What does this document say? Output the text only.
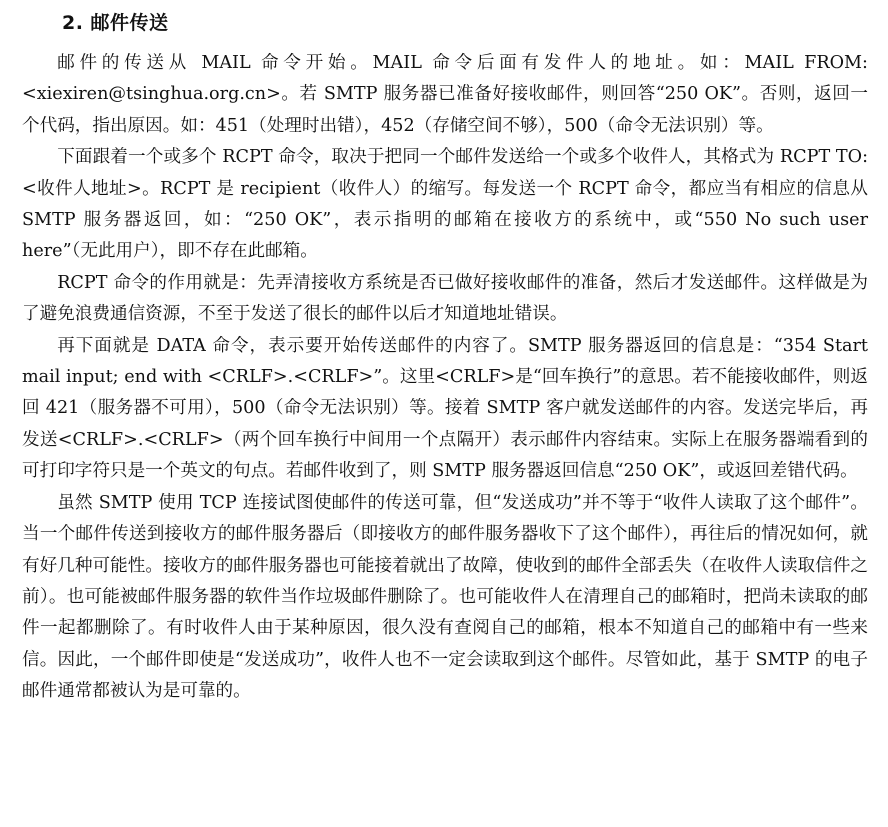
2. 邮件传送

邮件的传送从 MAIL 命令开始。MAIL 命令后面有发件人的地址。如：MAIL FROM: <xiexiren@tsinghua.org.cn>。若 SMTP 服务器已准备好接收邮件，则回答“250 OK”。否则，返回一个代码，指出原因。如：451（处理时出错），452（存储空间不够），500（命令无法识别）等。

下面跟着一个或多个 RCPT 命令，取决于把同一个邮件发送给一个或多个收件人，其格式为 RCPT TO: <收件人地址>。RCPT 是 recipient（收件人）的缩写。每发送一个 RCPT 命令，都应当有相应的信息从 SMTP 服务器返回，如：“250 OK”，表示指明的邮箱在接收方的系统中，或“550 No such user here”（无此用户），即不存在此邮箱。

RCPT 命令的作用就是：先弄清接收方系统是否已做好接收邮件的准备，然后才发送邮件。这样做是为了避免浪费通信资源，不至于发送了很长的邮件以后才知道地址错误。

再下面就是 DATA 命令，表示要开始传送邮件的内容了。SMTP 服务器返回的信息是：“354 Start mail input; end with <CRLF>.<CRLF>”。这里<CRLF>是“回车换行”的意思。若不能接收邮件，则返回 421（服务器不可用），500（命令无法识别）等。接着 SMTP 客户就发送邮件的内容。发送完毕后，再发送<CRLF>.<CRLF>（两个回车换行中间用一个点隔开）表示邮件内容结束。实际上在服务器端看到的可打印字符只是一个英文的句点。若邮件收到了，则 SMTP 服务器返回信息“250 OK”，或返回差错代码。

虽然 SMTP 使用 TCP 连接试图使邮件的传送可靠，但“发送成功”并不等于“收件人读取了这个邮件”。当一个邮件传送到接收方的邮件服务器后（即接收方的邮件服务器收下了这个邮件），再往后的情况如何，就有好几种可能性。接收方的邮件服务器也可能接着就出了故障，使收到的邮件全部丢失（在收件人读取信件之前）。也可能被邮件服务器的软件当作垃圾邮件删除了。也可能收件人在清理自己的邮箱时，把尚未读取的邮件一起都删除了。有时收件人由于某种原因，很久没有查阅自己的邮箱，根本不知道自己的邮箱中有一些来信。因此，一个邮件即使是“发送成功”，收件人也不一定会读取到这个邮件。尽管如此，基于 SMTP 的电子邮件通常都被认为是可靠的。
